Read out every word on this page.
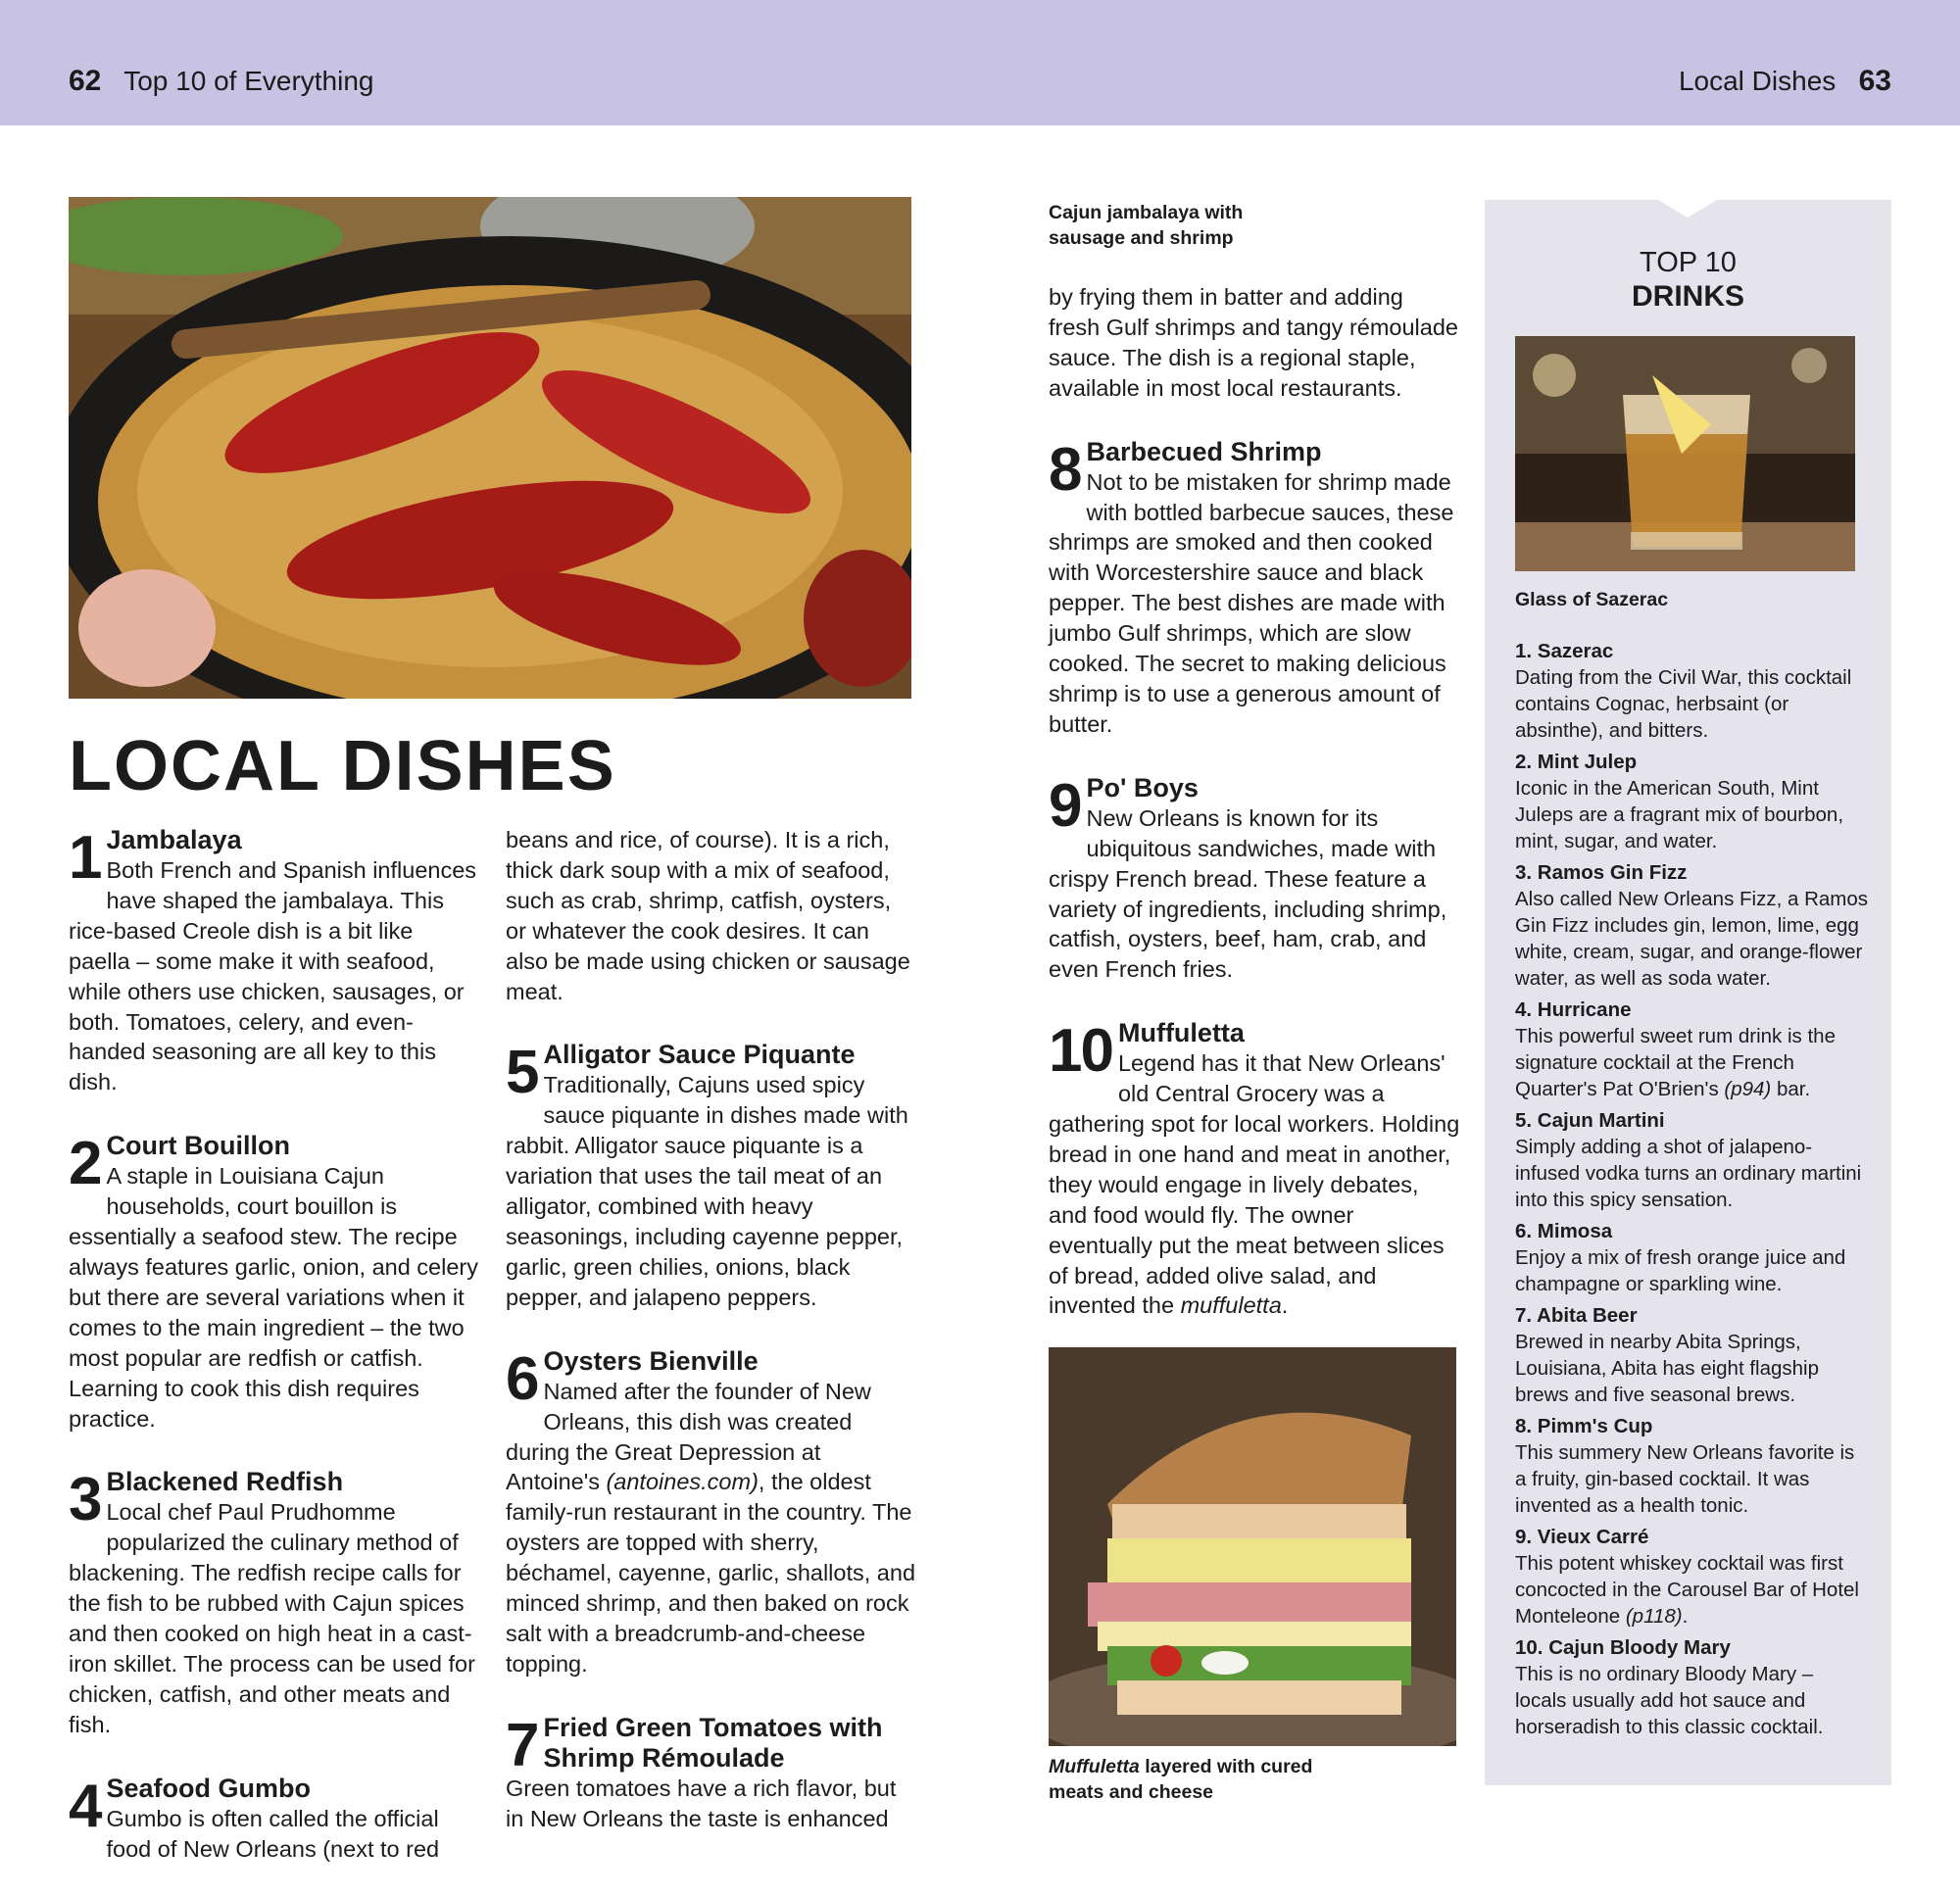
62 Top 10 of Everything	Local Dishes 63
LOCAL DISHES
1 Jambalaya
Both French and Spanish influences have shaped the jambalaya. This rice-based Creole dish is a bit like paella – some make it with seafood, while others use chicken, sausages, or both. Tomatoes, celery, and even-handed seasoning are all key to this dish.
2 Court Bouillon
A staple in Louisiana Cajun households, court bouillon is essentially a seafood stew. The recipe always features garlic, onion, and celery but there are several variations when it comes to the main ingredient – the two most popular are redfish or catfish. Learning to cook this dish requires practice.
3 Blackened Redfish
Local chef Paul Prudhomme popularized the culinary method of blackening. The redfish recipe calls for the fish to be rubbed with Cajun spices and then cooked on high heat in a cast-iron skillet. The process can be used for chicken, catfish, and other meats and fish.
4 Seafood Gumbo
Gumbo is often called the official food of New Orleans (next to red
beans and rice, of course). It is a rich, thick dark soup with a mix of seafood, such as crab, shrimp, catfish, oysters, or whatever the cook desires. It can also be made using chicken or sausage meat.
5 Alligator Sauce Piquante
Traditionally, Cajuns used spicy sauce piquante in dishes made with rabbit. Alligator sauce piquante is a variation that uses the tail meat of an alligator, combined with heavy seasonings, including cayenne pepper, garlic, green chilies, onions, black pepper, and jalapeno peppers.
6 Oysters Bienville
Named after the founder of New Orleans, this dish was created during the Great Depression at Antoine's (antoines.com), the oldest family-run restaurant in the country. The oysters are topped with sherry, béchamel, cayenne, garlic, shallots, and minced shrimp, and then baked on rock salt with a breadcrumb-and-cheese topping.
7 Fried Green Tomatoes with Shrimp Rémoulade
Green tomatoes have a rich flavor, but in New Orleans the taste is enhanced
Cajun jambalaya with sausage and shrimp
by frying them in batter and adding fresh Gulf shrimps and tangy rémoulade sauce. The dish is a regional staple, available in most local restaurants.
8 Barbecued Shrimp
Not to be mistaken for shrimp made with bottled barbecue sauces, these shrimps are smoked and then cooked with Worcestershire sauce and black pepper. The best dishes are made with jumbo Gulf shrimps, which are slow cooked. The secret to making delicious shrimp is to use a generous amount of butter.
9 Po' Boys
New Orleans is known for its ubiquitous sandwiches, made with crispy French bread. These feature a variety of ingredients, including shrimp, catfish, oysters, beef, ham, crab, and even French fries.
10 Muffuletta
Legend has it that New Orleans' old Central Grocery was a gathering spot for local workers. Holding bread in one hand and meat in another, they would engage in lively debates, and food would fly. The owner eventually put the meat between slices of bread, added olive salad, and invented the muffuletta.
Muffuletta layered with cured meats and cheese
TOP 10
DRINKS
Glass of Sazerac
1. Sazerac
Dating from the Civil War, this cocktail contains Cognac, herbsaint (or absinthe), and bitters.
2. Mint Julep
Iconic in the American South, Mint Juleps are a fragrant mix of bourbon, mint, sugar, and water.
3. Ramos Gin Fizz
Also called New Orleans Fizz, a Ramos Gin Fizz includes gin, lemon, lime, egg white, cream, sugar, and orange-flower water, as well as soda water.
4. Hurricane
This powerful sweet rum drink is the signature cocktail at the French Quarter's Pat O'Brien's (p94) bar.
5. Cajun Martini
Simply adding a shot of jalapeno-infused vodka turns an ordinary martini into this spicy sensation.
6. Mimosa
Enjoy a mix of fresh orange juice and champagne or sparkling wine.
7. Abita Beer
Brewed in nearby Abita Springs, Louisiana, Abita has eight flagship brews and five seasonal brews.
8. Pimm's Cup
This summery New Orleans favorite is a fruity, gin-based cocktail. It was invented as a health tonic.
9. Vieux Carré
This potent whiskey cocktail was first concocted in the Carousel Bar of Hotel Monteleone (p118).
10. Cajun Bloody Mary
This is no ordinary Bloody Mary – locals usually add hot sauce and horseradish to this classic cocktail.
